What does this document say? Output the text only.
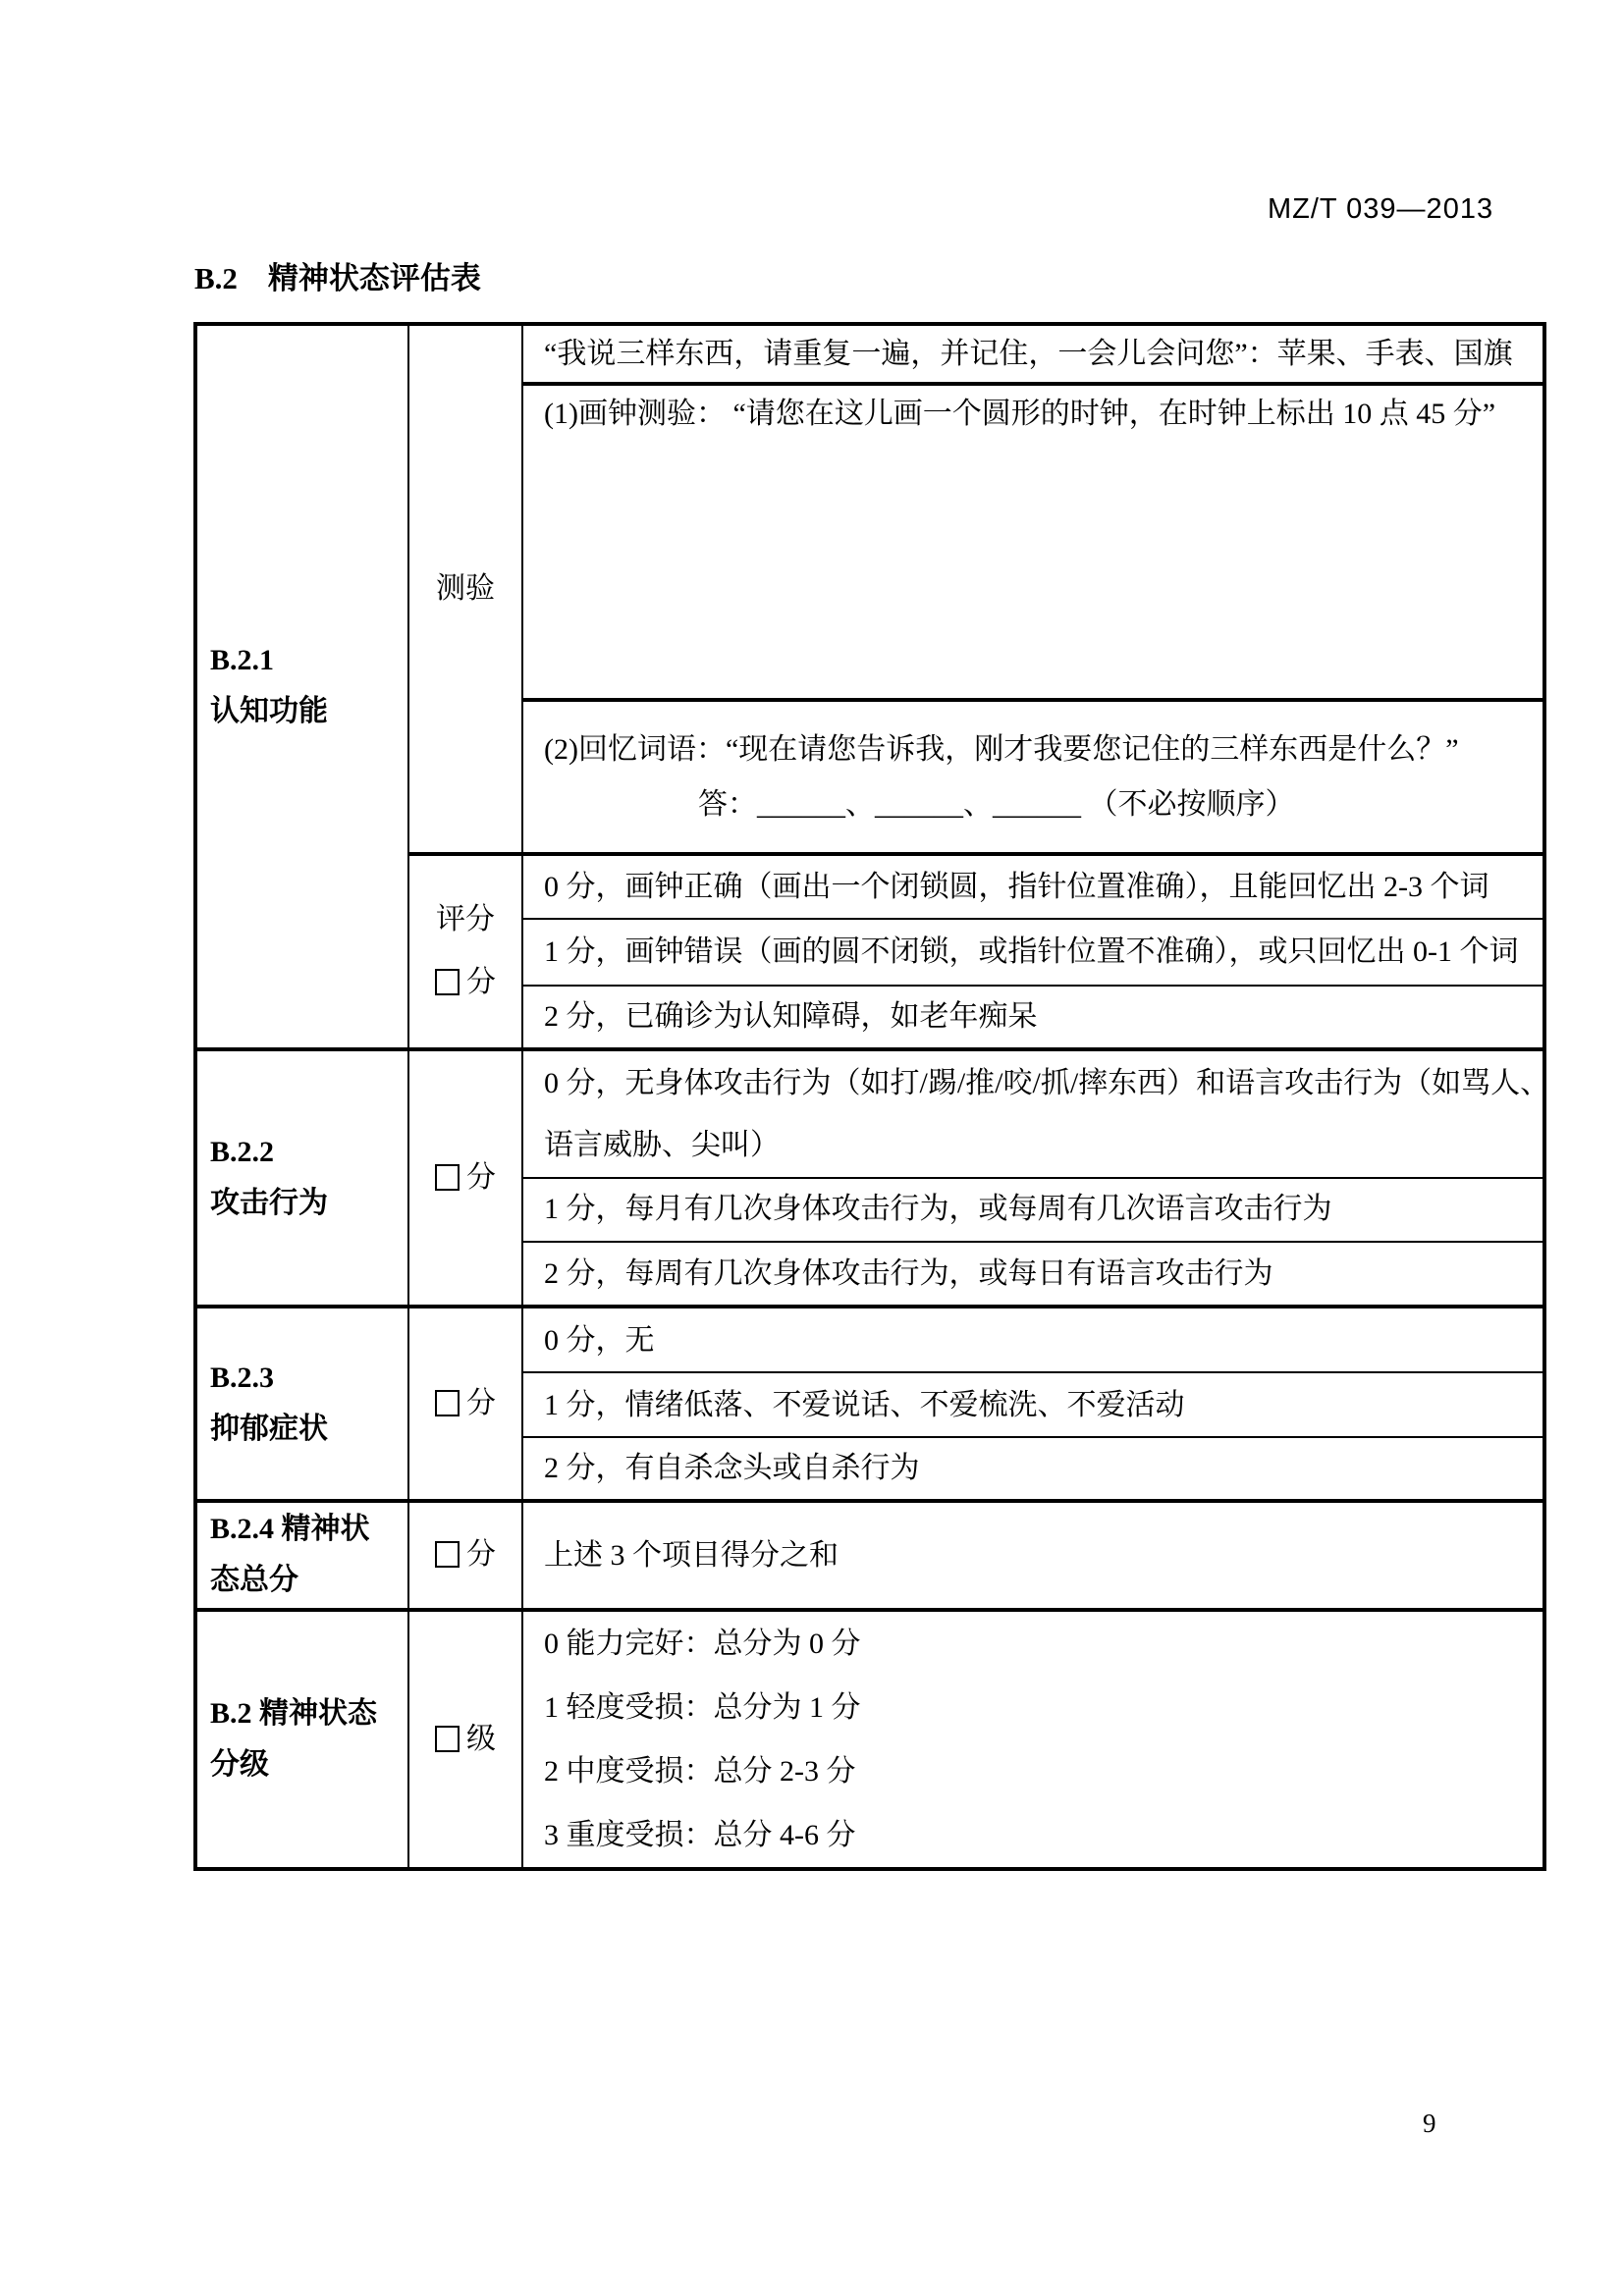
MZ/T 039—2013
B.2　精神状态评估表
B.2.1
认知功能
测验
“我说三样东西，请重复一遍，并记住，一会儿会问您”：苹果、手表、国旗
(1)画钟测验： “请您在这儿画一个圆形的时钟，在时钟上标出 10 点 45 分”
(2)回忆词语：“现在请您告诉我，刚才我要您记住的三样东西是什么？”
答：______、______、______ （不必按顺序）
评分
分
0 分，画钟正确（画出一个闭锁圆，指针位置准确），且能回忆出 2-3 个词
1 分，画钟错误（画的圆不闭锁，或指针位置不准确），或只回忆出 0-1 个词
2 分，已确诊为认知障碍，如老年痴呆
B.2.2
攻击行为
分
0 分，无身体攻击行为（如打/踢/推/咬/抓/摔东西）和语言攻击行为（如骂人、
语言威胁、尖叫）
1 分，每月有几次身体攻击行为，或每周有几次语言攻击行为
2 分，每周有几次身体攻击行为，或每日有语言攻击行为
B.2.3
抑郁症状
分
0 分，无
1 分，情绪低落、不爱说话、不爱梳洗、不爱活动
2 分，有自杀念头或自杀行为
B.2.4 精神状
态总分
分 上述 3 个项目得分之和
B.2 精神状态
分级
级
0 能力完好：总分为 0 分
1 轻度受损：总分为 1 分
2 中度受损：总分 2-3 分
3 重度受损：总分 4-6 分
9
